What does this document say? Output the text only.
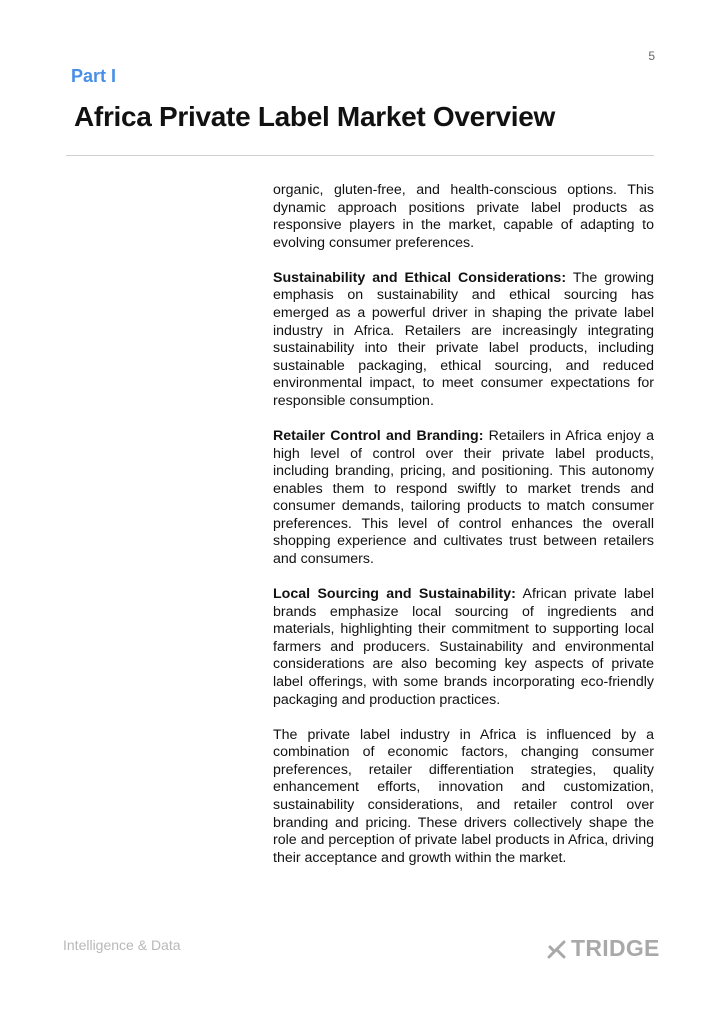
5
Part I
Africa Private Label Market Overview

organic, gluten-free, and health-conscious options. This dynamic approach positions private label products as responsive players in the market, capable of adapting to evolving consumer preferences.

Sustainability and Ethical Considerations: The growing emphasis on sustainability and ethical sourcing has emerged as a powerful driver in shaping the private label industry in Africa. Retailers are increasingly integrating sustainability into their private label products, including sustainable packaging, ethical sourcing, and reduced environmental impact, to meet consumer expectations for responsible consumption.

Retailer Control and Branding: Retailers in Africa enjoy a high level of control over their private label products, including branding, pricing, and positioning. This autonomy enables them to respond swiftly to market trends and consumer demands, tailoring products to match consumer preferences. This level of control enhances the overall shopping experience and cultivates trust between retailers and consumers.

Local Sourcing and Sustainability: African private label brands emphasize local sourcing of ingredients and materials, highlighting their commitment to supporting local farmers and producers. Sustainability and environmental considerations are also becoming key aspects of private label offerings, with some brands incorporating eco-friendly packaging and production practices.

The private label industry in Africa is influenced by a combination of economic factors, changing consumer preferences, retailer differentiation strategies, quality enhancement efforts, innovation and customization, sustainability considerations, and retailer control over branding and pricing. These drivers collectively shape the role and perception of private label products in Africa, driving their acceptance and growth within the market.

Intelligence & Data	TRIDGE
